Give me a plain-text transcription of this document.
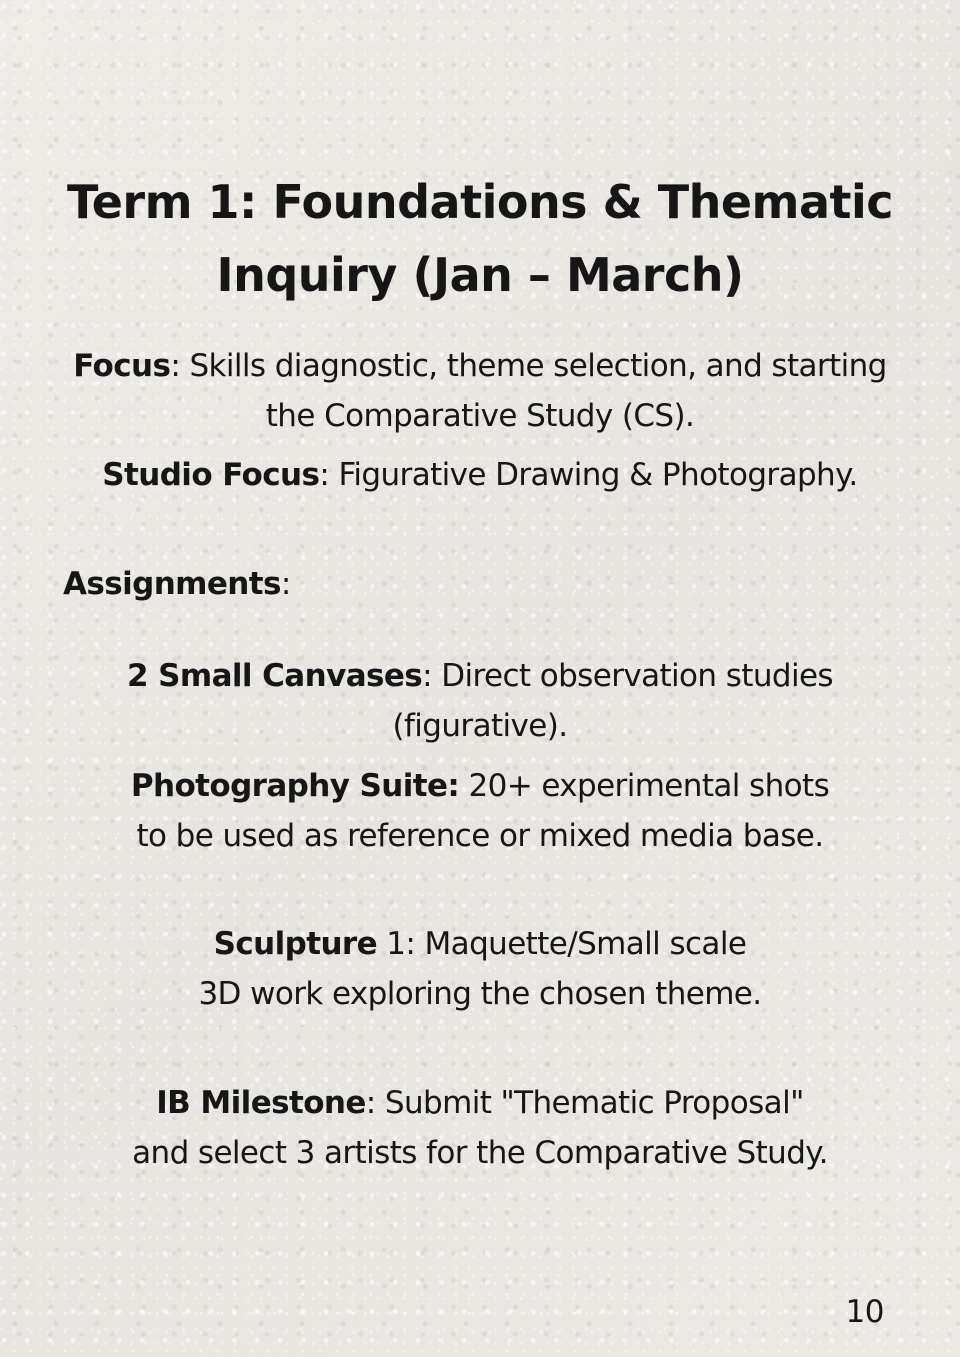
Term 1: Foundations & Thematic
Inquiry (Jan – March)

Focus: Skills diagnostic, theme selection, and starting
the Comparative Study (CS).

Studio Focus: Figurative Drawing & Photography.

Assignments:

2 Small Canvases: Direct observation studies
(figurative).

Photography Suite: 20+ experimental shots
to be used as reference or mixed media base.

Sculpture 1: Maquette/Small scale
3D work exploring the chosen theme.

IB Milestone: Submit "Thematic Proposal"
and select 3 artists for the Comparative Study.

10
